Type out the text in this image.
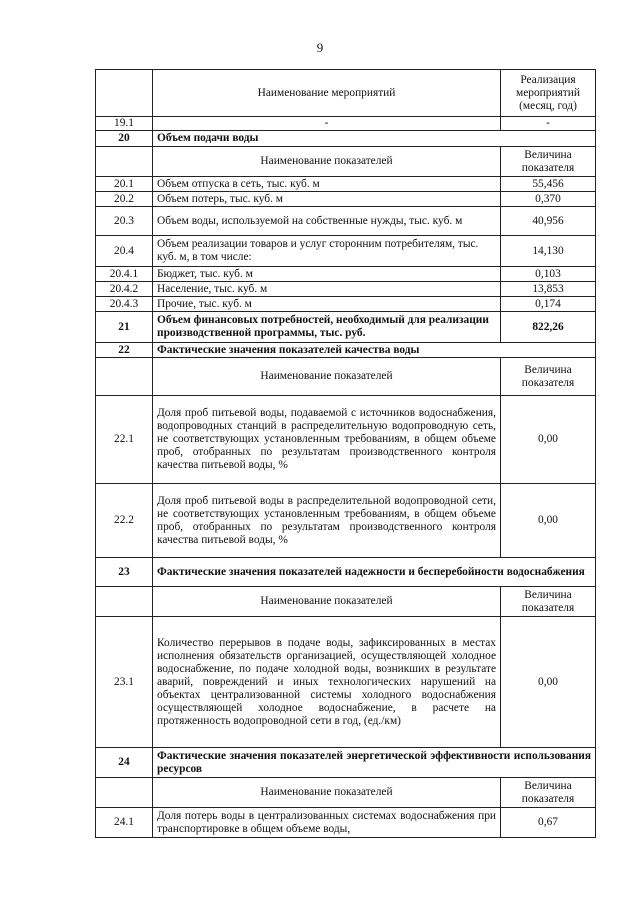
9
	Наименование мероприятий	Реализация мероприятий (месяц, год)
19.1	-	-
20	Объем подачи воды	
	Наименование показателей	Величина показателя
20.1	Объем отпуска в сеть, тыс. куб. м	55,456
20.2	Объем потерь, тыс. куб. м	0,370
20.3	Объем воды, используемой на собственные нужды, тыс. куб. м	40,956
20.4	Объем реализации товаров и услуг сторонним потребителям, тыс. куб. м, в том числе:	14,130
20.4.1	Бюджет, тыс. куб. м	0,103
20.4.2	Население, тыс. куб. м	13,853
20.4.3	Прочие, тыс. куб. м	0,174
21	Объем финансовых потребностей, необходимый для реализации производственной программы, тыс. руб.	822,26
22	Фактические значения показателей качества воды	
	Наименование показателей	Величина показателя
22.1	Доля проб питьевой воды, подаваемой с источников водоснабжения, водопроводных станций в распределительную водопроводную сеть, не соответствующих установленным требованиям, в общем объеме проб, отобранных по результатам производственного контроля качества питьевой воды, %	0,00
22.2	Доля проб питьевой воды в распределительной водопроводной сети, не соответствующих установленным требованиям, в общем объеме проб, отобранных по результатам производственного контроля качества питьевой воды, %	0,00
23	Фактические значения показателей надежности и бесперебойности водоснабжения	
	Наименование показателей	Величина показателя
23.1	Количество перерывов в подаче воды, зафиксированных в местах исполнения обязательств организацией, осуществляющей холодное водоснабжение, по подаче холодной воды, возникших в результате аварий, повреждений и иных технологических нарушений на объектах централизованной системы холодного водоснабжения осуществляющей холодное водоснабжение, в расчете на протяженность водопроводной сети в год, (ед./км)	0,00
24	Фактические значения показателей энергетической эффективности использования ресурсов	
	Наименование показателей	Величина показателя
24.1	Доля потерь воды в централизованных системах водоснабжения при транспортировке в общем объеме воды,	0,67
